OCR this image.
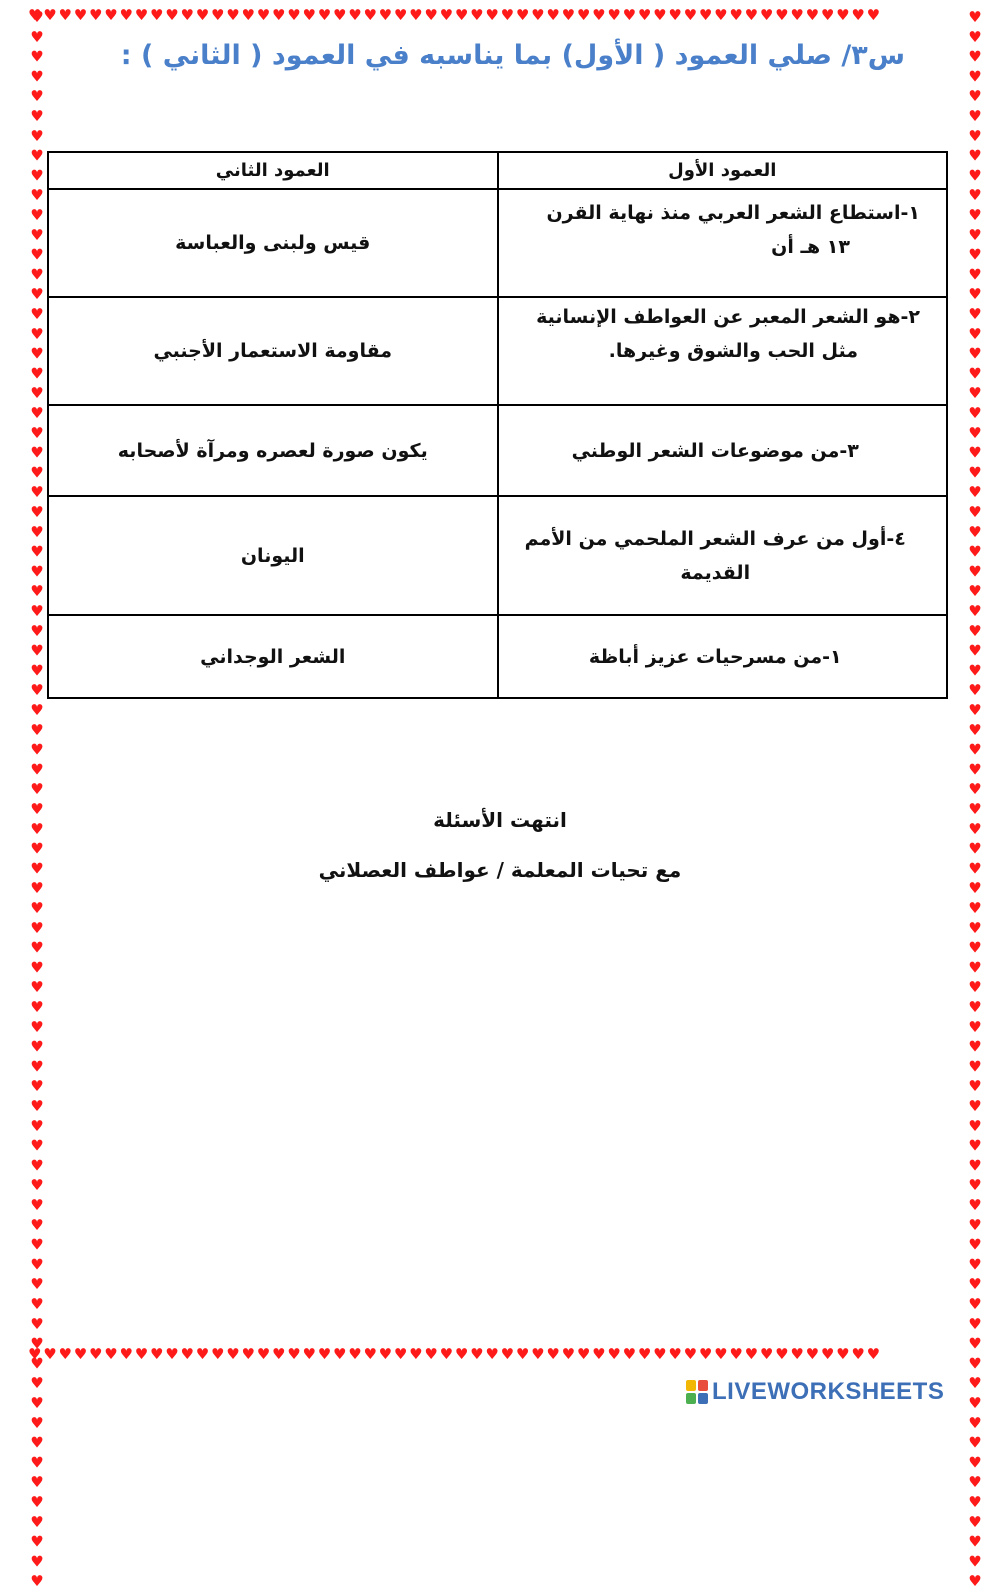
♥♥♥♥♥♥♥♥♥♥♥♥♥♥♥♥♥♥♥♥♥♥♥♥♥♥♥♥♥♥♥♥♥♥♥♥♥♥♥♥♥♥♥♥♥♥♥♥♥♥♥♥♥♥♥♥
♥♥♥♥♥♥♥♥♥♥♥♥♥♥♥♥♥♥♥♥♥♥♥♥♥♥♥♥♥♥♥♥♥♥♥♥♥♥♥♥♥♥♥♥♥♥♥♥♥♥♥♥♥♥♥♥
♥♥♥♥♥♥♥♥♥♥♥♥♥♥♥♥♥♥♥♥♥♥♥♥♥♥♥♥♥♥♥♥♥♥♥♥♥♥♥♥♥♥♥♥♥♥♥♥♥♥♥♥♥♥♥♥♥♥♥♥♥♥♥♥♥♥♥♥♥♥♥♥♥♥♥♥♥♥♥♥	♥♥♥♥♥♥♥♥♥♥♥♥♥♥♥♥♥♥♥♥♥♥♥♥♥♥♥♥♥♥♥♥♥♥♥♥♥♥♥♥♥♥♥♥♥♥♥♥♥♥♥♥♥♥♥♥♥♥♥♥♥♥♥♥♥♥♥♥♥♥♥♥♥♥♥♥♥♥♥♥
س٣/ صلي العمود ( الأول) بما يناسبه في العمود ( الثاني ) :
العمود الأول	العمود الثاني

١-استطاع الشعر العربي منذ نهاية القرن
١٣ هـ أن	قيس ولبنى والعباسة

٢-هو الشعر المعبر عن العواطف الإنسانية
مثل الحب والشوق وغيرها.	مقاومة الاستعمار الأجنبي

٣-من موضوعات الشعر الوطني	يكون صورة لعصره ومرآة لأصحابه

٤-أول من عرف الشعر الملحمي من الأمم
القديمة	اليونان

١-من مسرحيات عزيز أباظة	الشعر الوجداني
انتهت الأسئلة
مع تحيات المعلمة / عواطف العصلاني
LIVEWORKSHEETS
